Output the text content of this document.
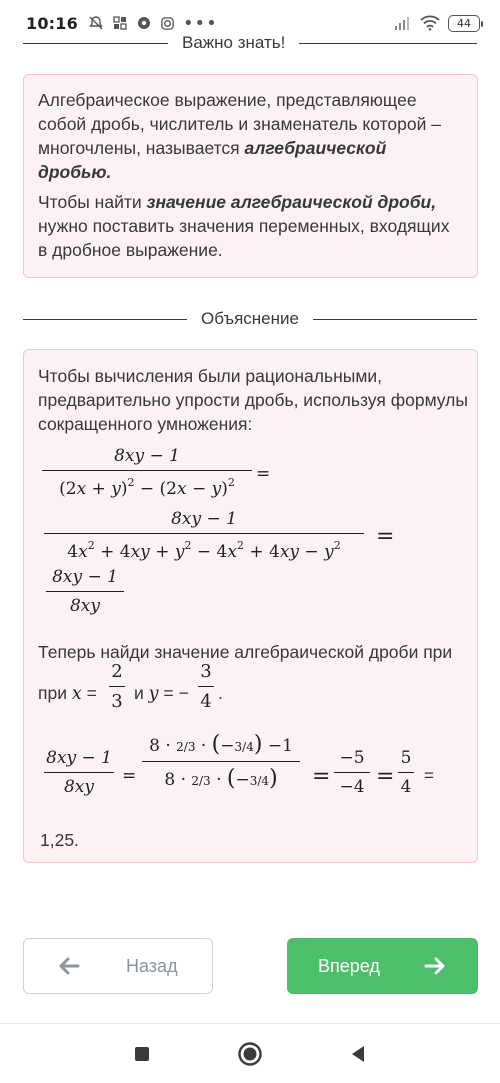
10:16	•••	44
Важно знать!

Алгебраическое выражение, представляющее собой дробь, числитель и знаменатель которой – многочлены, называется алгебраической дробью.

Чтобы найти значение алгебраической дроби, нужно поставить значения переменных, входящих в дробное выражение.

Объяснение

Чтобы вычисления были рациональными, предварительно упрости дробь, используя формулы сокращенного умножения:

8xy − 1
$(2x + y)^2 - (2x - y)^2$ =
8xy − 1
$4x^2 + 4xy + y^2 - 4x^2 + 4xy - y^2$ =
8xy − 1
8xy

Теперь найди значение алгебраической дроби при

при x =
2
3 и y = −
3
4 .
8xy − 1
8xy
=
8 · 2/3 · (−3/4) −1
8 · 2/3 · (−3/4) =
−5
−4 =
5
4
=
1,25.
Назад	Вперед
